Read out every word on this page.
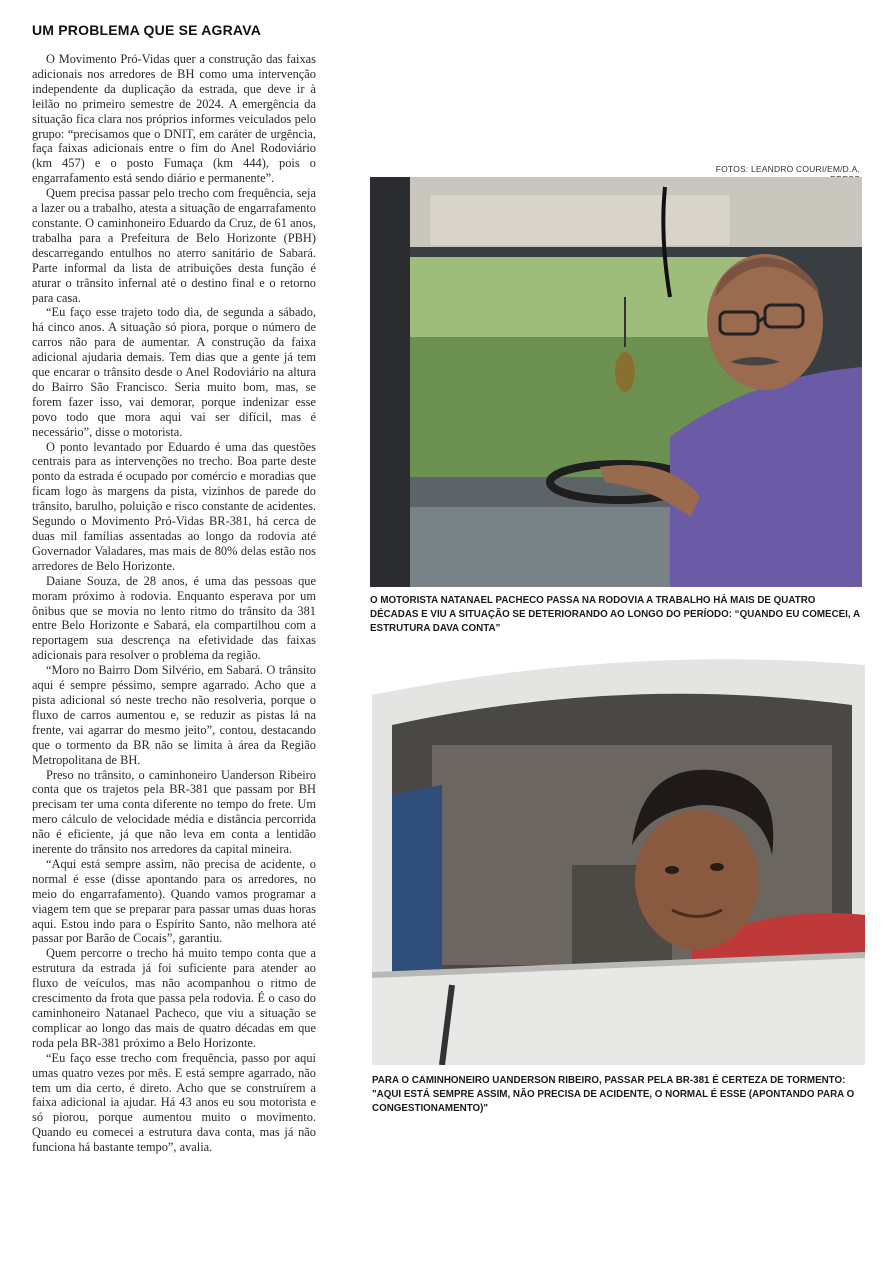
UM PROBLEMA QUE SE AGRAVA

O Movimento Pró-Vidas quer a construção das faixas adicionais nos arredores de BH como uma intervenção independente da duplicação da estrada, que deve ir à leilão no primeiro semestre de 2024. A emergência da situação fica clara nos próprios informes veiculados pelo grupo: “precisamos que o DNIT, em caráter de urgência, faça faixas adicionais entre o fim do Anel Rodoviário (km 457) e o posto Fumaça (km 444), pois o engarrafamento está sendo diário e permanente”.

Quem precisa passar pelo trecho com frequência, seja a lazer ou a trabalho, atesta a situação de engarrafamento constante. O caminhoneiro Eduardo da Cruz, de 61 anos, trabalha para a Prefeitura de Belo Horizonte (PBH) descarregando entulhos no aterro sanitário de Sabará. Parte informal da lista de atribuições desta função é aturar o trânsito infernal até o destino final e o retorno para casa.

“Eu faço esse trajeto todo dia, de segunda a sábado, há cinco anos. A situação só piora, porque o número de carros não para de aumentar. A construção da faixa adicional ajudaria demais. Tem dias que a gente já tem que encarar o trânsito desde o Anel Rodoviário na altura do Bairro São Francisco. Seria muito bom, mas, se forem fazer isso, vai demorar, porque indenizar esse povo todo que mora aqui vai ser difícil, mas é necessário”, disse o motorista.

O ponto levantado por Eduardo é uma das questões centrais para as intervenções no trecho. Boa parte deste ponto da estrada é ocupado por comércio e moradias que ficam logo às margens da pista, vizinhos de parede do trânsito, barulho, poluição e risco constante de acidentes. Segundo o Movimento Pró-Vidas BR-381, há cerca de duas mil famílias assentadas ao longo da rodovia até Governador Valadares, mas mais de 80% delas estão nos arredores de Belo Horizonte.

Daiane Souza, de 28 anos, é uma das pessoas que moram próximo à rodovia. Enquanto esperava por um ônibus que se movia no lento ritmo do trânsito da 381 entre Belo Horizonte e Sabará, ela compartilhou com a reportagem sua descrença na efetividade das faixas adicionais para resolver o problema da região.

“Moro no Bairro Dom Silvério, em Sabará. O trânsito aqui é sempre péssimo, sempre agarrado. Acho que a pista adicional só neste trecho não resolveria, porque o fluxo de carros aumentou e, se reduzir as pistas lá na frente, vai agarrar do mesmo jeito”, contou, destacando que o tormento da BR não se limita à área da Região Metropolitana de BH.

Preso no trânsito, o caminhoneiro Uanderson Ribeiro conta que os trajetos pela BR-381 que passam por BH precisam ter uma conta diferente no tempo do frete. Um mero cálculo de velocidade média e distância percorrida não é eficiente, já que não leva em conta a lentidão inerente do trânsito nos arredores da capital mineira.

“Aqui está sempre assim, não precisa de acidente, o normal é esse (disse apontando para os arredores, no meio do engarrafamento). Quando vamos programar a viagem tem que se preparar para passar umas duas horas aqui. Estou indo para o Espírito Santo, não melhora até passar por Barão de Cocais”, garantiu.

Quem percorre o trecho há muito tempo conta que a estrutura da estrada já foi suficiente para atender ao fluxo de veículos, mas não acompanhou o ritmo de crescimento da frota que passa pela rodovia. É o caso do caminhoneiro Natanael Pacheco, que viu a situação se complicar ao longo das mais de quatro décadas em que roda pela BR-381 próximo a Belo Horizonte.

“Eu faço esse trecho com frequência, passo por aqui umas quatro vezes por mês. E está sempre agarrado, não tem um dia certo, é direto. Acho que se construírem a faixa adicional ia ajudar. Há 43 anos eu sou motorista e só piorou, porque aumentou muito o movimento. Quando eu comecei a estrutura dava conta, mas já não funciona há bastante tempo”, avalia.

FOTOS: LEANDRO COURI/EM/D.A.
O MOTORISTA NATANAEL PACHECO PASSA NA RODOVIA A TRABALHO HÁ MAIS DE QUATRO DÉCADAS E VIU A SITUAÇÃO SE DETERIORANDO AO LONGO DO PERÍODO: “QUANDO EU COMECEI, A ESTRUTURA DAVA CONTA”
PARA O CAMINHONEIRO UANDERSON RIBEIRO, PASSAR PELA BR-381 É CERTEZA DE TORMENTO: "AQUI ESTÁ SEMPRE ASSIM, NÃO PRECISA DE ACIDENTE, O NORMAL É ESSE (APONTANDO PARA O CONGESTIONAMENTO)"
